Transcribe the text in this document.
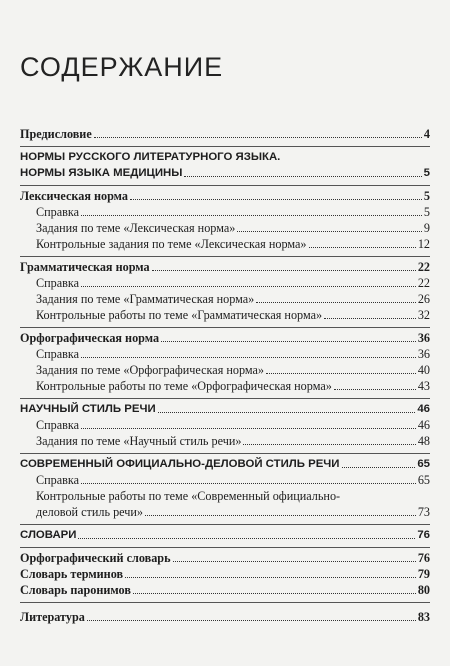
СОДЕРЖАНИЕ
Предисловие	4
НОРМЫ РУССКОГО ЛИТЕРАТУРНОГО ЯЗЫКА.
НОРМЫ ЯЗЫКА МЕДИЦИНЫ	5
Лексическая норма	5
Справка	5
Задания по теме «Лексическая норма»	9
Контрольные задания по теме «Лексическая норма»	12
Грамматическая норма	22
Справка	22
Задания по теме «Грамматическая норма»	26
Контрольные работы по теме «Грамматическая норма»	32
Орфографическая норма	36
Справка	36
Задания по теме «Орфографическая норма»	40
Контрольные работы по теме «Орфографическая норма»	43
НАУЧНЫЙ СТИЛЬ РЕЧИ	46
Справка	46
Задания по теме «Научный стиль речи»	48
СОВРЕМЕННЫЙ ОФИЦИАЛЬНО-ДЕЛОВОЙ СТИЛЬ РЕЧИ	65
Справка	65
Контрольные работы по теме «Современный официально-
деловой стиль речи»	73
СЛОВАРИ	76
Орфографический словарь	76
Словарь терминов	79
Словарь паронимов	80
Литература	83
